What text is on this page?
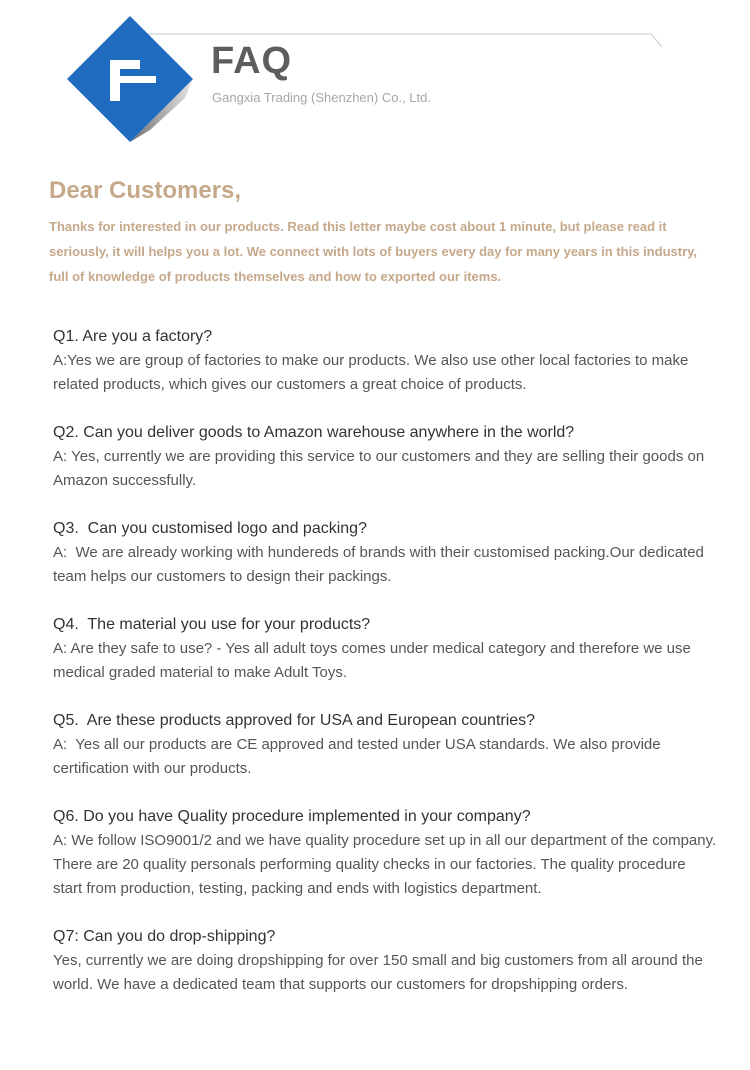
FAQ
Gangxia Trading (Shenzhen) Co., Ltd.
Dear Customers,
Thanks for interested in our products. Read this letter maybe cost about 1 minute, but please read it seriously, it will helps you a lot. We connect with lots of buyers every day for many years in this industry, full of knowledge of products themselves and how to exported our items.
Q1. Are you a factory?
A:Yes we are group of factories to make our products. We also use other local factories to make related products, which gives our customers a great choice of products.
Q2. Can you deliver goods to Amazon warehouse anywhere in the world?
A: Yes, currently we are providing this service to our customers and they are selling their goods on Amazon successfully.
Q3.  Can you customised logo and packing?
A:  We are already working with hundereds of brands with their customised packing.Our dedicated team helps our customers to design their packings.
Q4.  The material you use for your products?
A: Are they safe to use? - Yes all adult toys comes under medical category and therefore we use medical graded material to make Adult Toys.
Q5.  Are these products approved for USA and European countries?
A:  Yes all our products are CE approved and tested under USA standards. We also provide certification with our products.
Q6. Do you have Quality procedure implemented in your company?
A: We follow ISO9001/2 and we have quality procedure set up in all our department of the company. There are 20 quality personals performing quality checks in our factories. The quality procedure start from production, testing, packing and ends with logistics department.
Q7: Can you do drop-shipping?
Yes, currently we are doing dropshipping for over 150 small and big customers from all around the world. We have a dedicated team that supports our customers for dropshipping orders.
